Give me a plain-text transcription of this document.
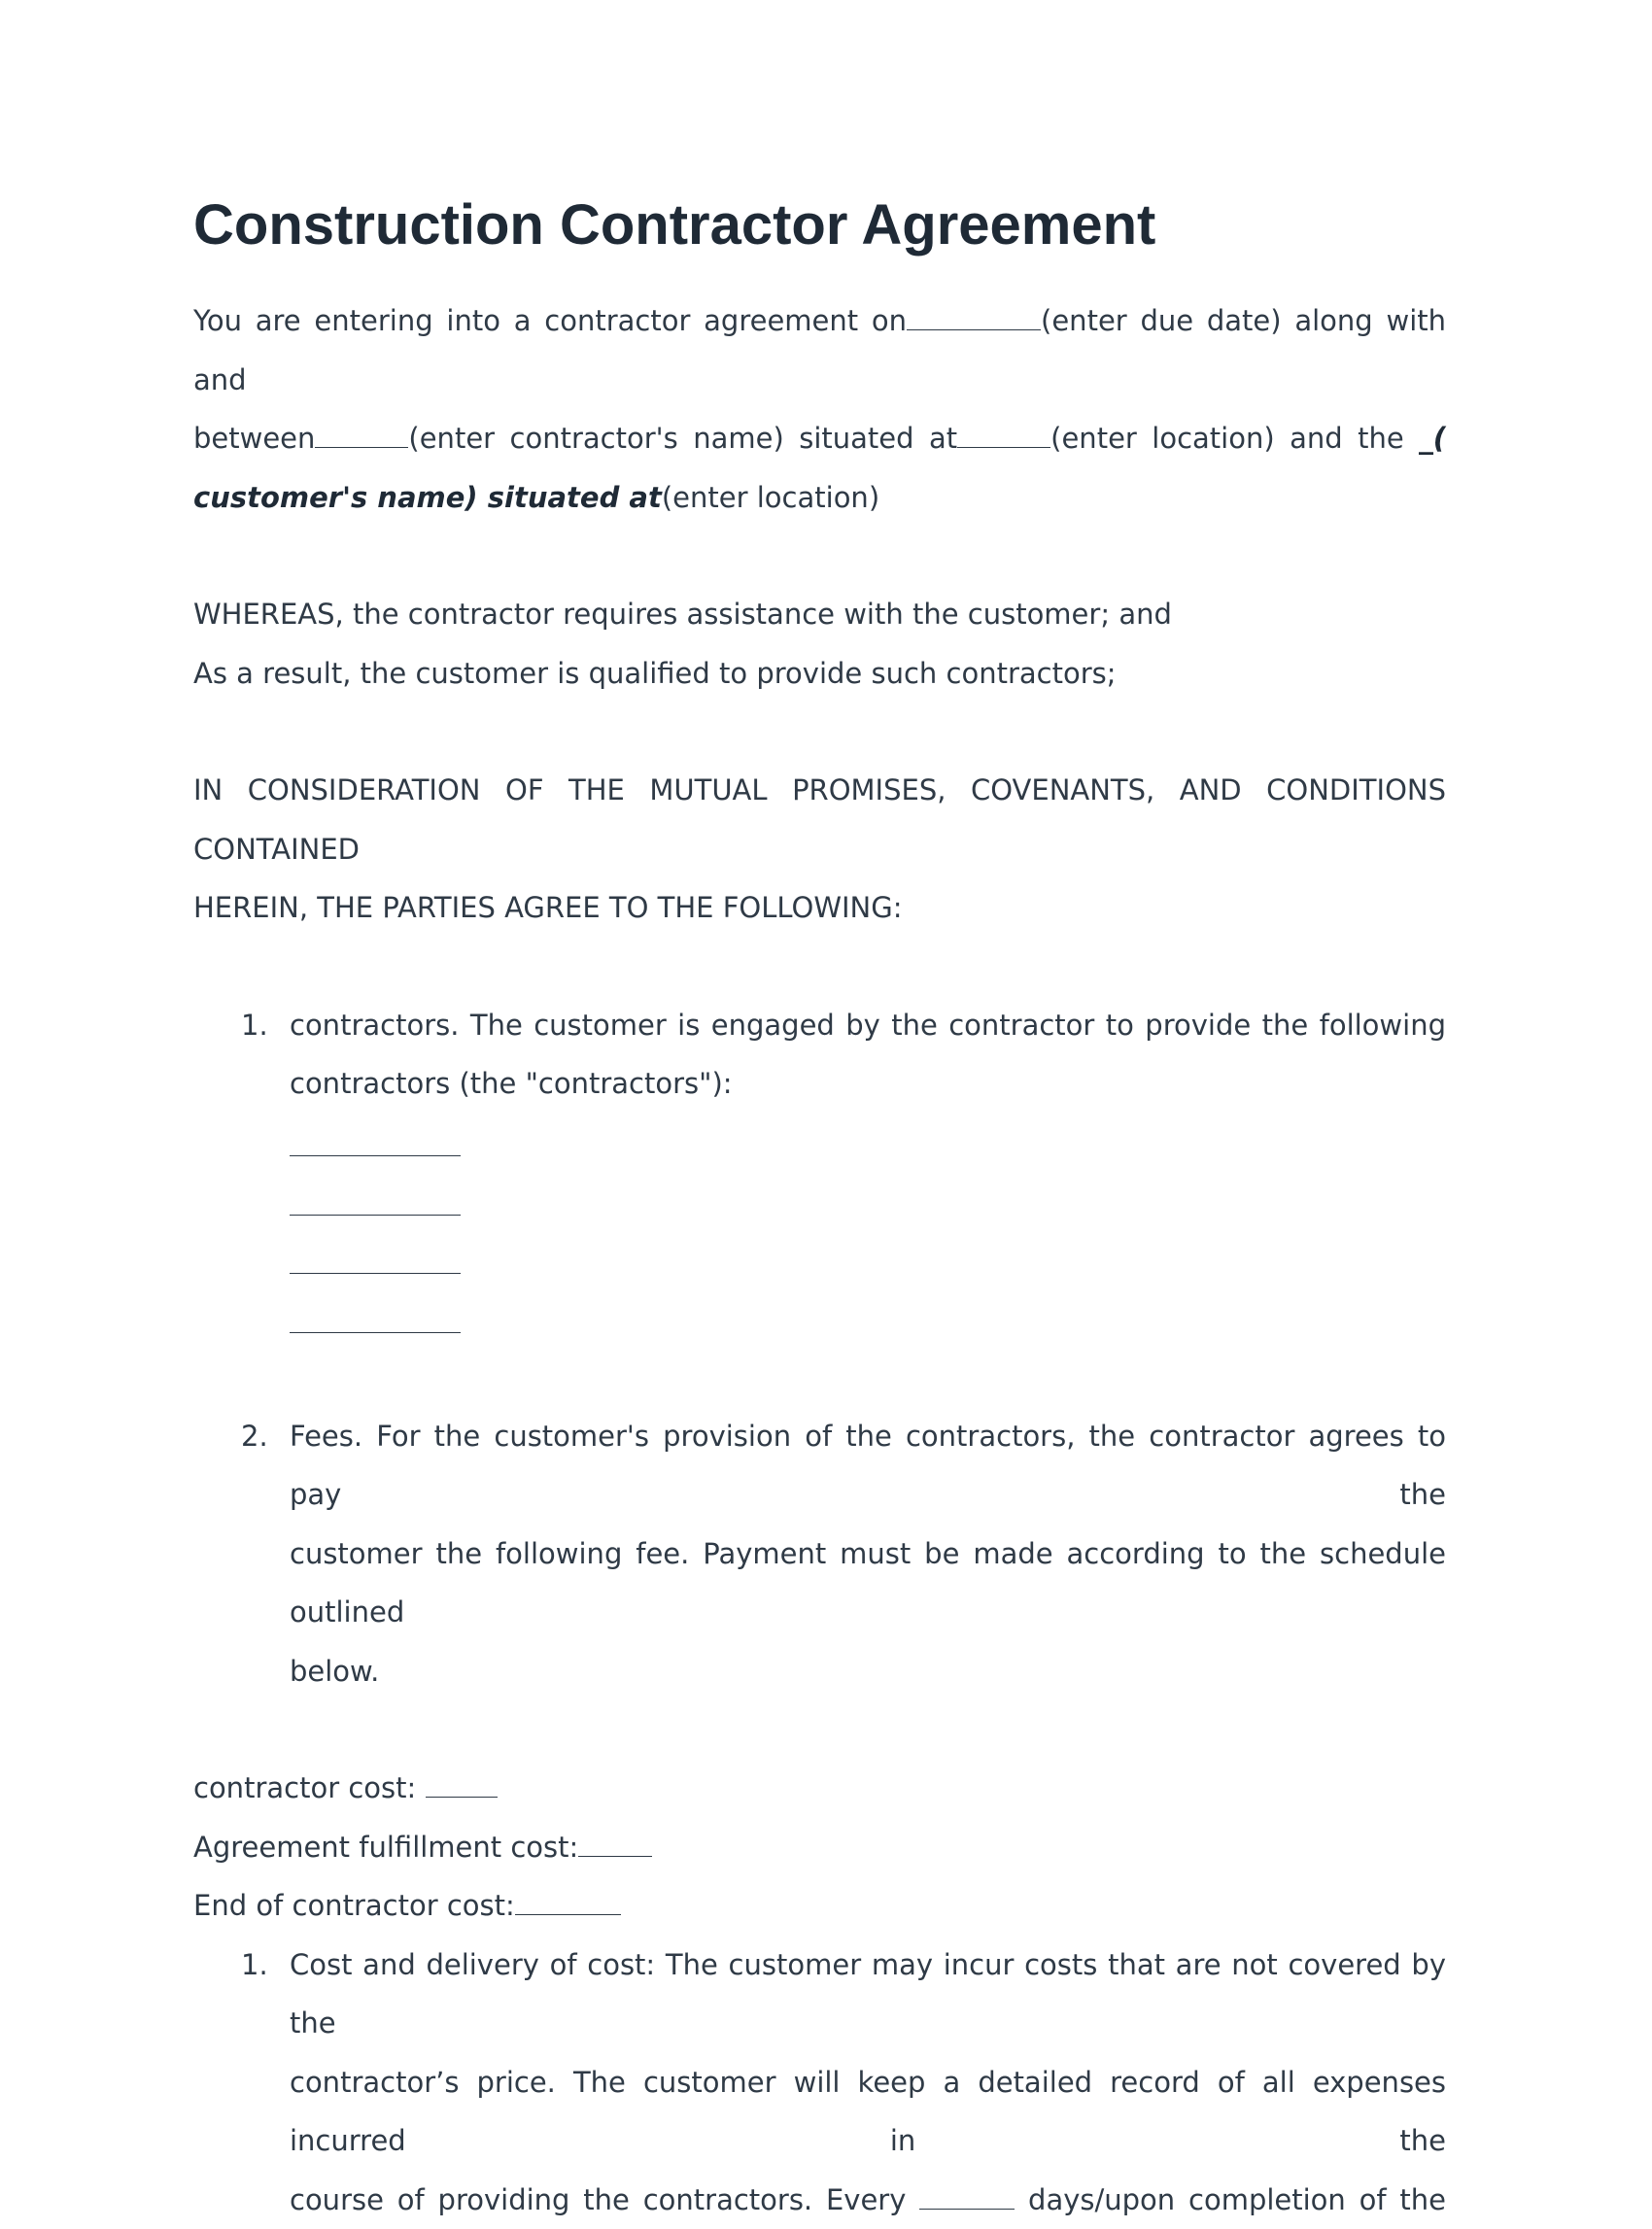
Construction Contractor Agreement

You are entering into a contractor agreement on	(enter due date) along with and

between	(enter contractor's name) situated at	(enter location) and the _(

customer's name) situated at(enter location)

WHEREAS, the contractor requires assistance with the customer; and

As a result, the customer is qualified to provide such contractors;

IN CONSIDERATION OF THE MUTUAL PROMISES, COVENANTS, AND CONDITIONS CONTAINED

HEREIN, THE PARTIES AGREE TO THE FOLLOWING:

1. contractors. The customer is engaged by the contractor to provide the following

contractors (the "contractors"):

2. Fees. For the customer's provision of the contractors, the contractor agrees to pay the

customer the following fee. Payment must be made according to the schedule outlined

below.

contractor cost:

Agreement fulfillment cost:

End of contractor cost:

1. Cost and delivery of cost: The customer may incur costs that are not covered by the

contractor’s price. The customer will keep a detailed record of all expenses incurred in the

course of providing the contractors. Every	days/upon completion of the
